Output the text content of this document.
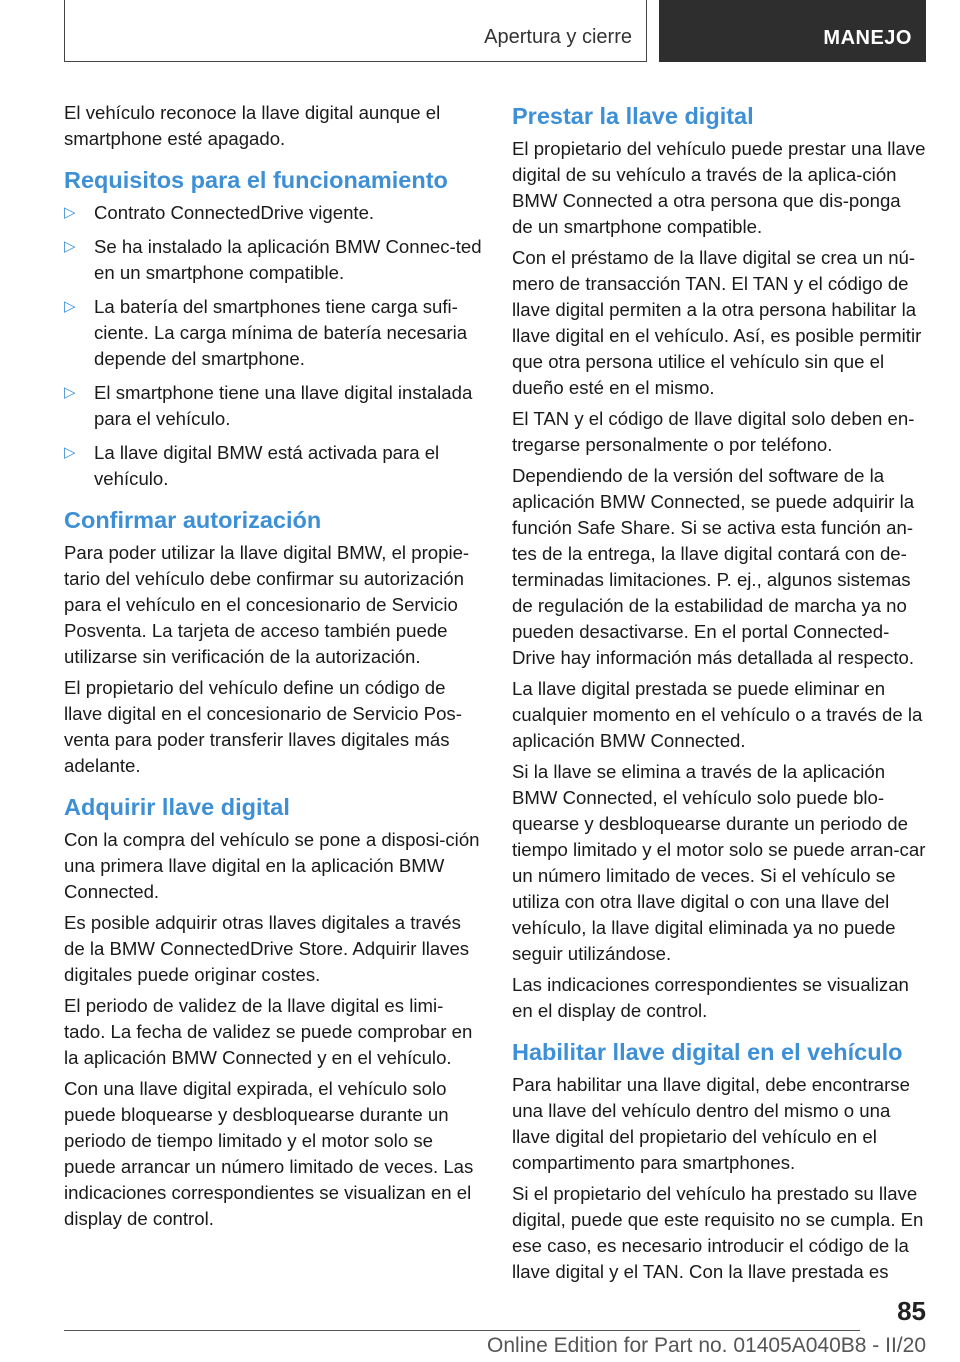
Apertura y cierre	MANEJO

El vehículo reconoce la llave digital aunque el smartphone esté apagado.

Requisitos para el funcionamiento
▷ Contrato ConnectedDrive vigente.
▷ Se ha instalado la aplicación BMW Connec-ted en un smartphone compatible.
▷ La batería del smartphones tiene carga sufi-ciente. La carga mínima de batería necesaria depende del smartphone.
▷ El smartphone tiene una llave digital instalada para el vehículo.
▷ La llave digital BMW está activada para el vehículo.
Confirmar autorización

Para poder utilizar la llave digital BMW, el propie-tario del vehículo debe confirmar su autorización para el vehículo en el concesionario de Servicio Posventa. La tarjeta de acceso también puede utilizarse sin verificación de la autorización.

El propietario del vehículo define un código de llave digital en el concesionario de Servicio Pos-venta para poder transferir llaves digitales más adelante.

Adquirir llave digital

Con la compra del vehículo se pone a disposi-ción una primera llave digital en la aplicación BMW Connected.

Es posible adquirir otras llaves digitales a través de la BMW ConnectedDrive Store. Adquirir llaves digitales puede originar costes.

El periodo de validez de la llave digital es limi-tado. La fecha de validez se puede comprobar en la aplicación BMW Connected y en el vehículo.

Con una llave digital expirada, el vehículo solo puede bloquearse y desbloquearse durante un periodo de tiempo limitado y el motor solo se puede arrancar un número limitado de veces. Las indicaciones correspondientes se visualizan en el display de control.

Prestar la llave digital

El propietario del vehículo puede prestar una llave digital de su vehículo a través de la aplica-ción BMW Connected a otra persona que dis-ponga de un smartphone compatible.

Con el préstamo de la llave digital se crea un nú-mero de transacción TAN. El TAN y el código de llave digital permiten a la otra persona habilitar la llave digital en el vehículo. Así, es posible permitir que otra persona utilice el vehículo sin que el dueño esté en el mismo.

El TAN y el código de llave digital solo deben en-tregarse personalmente o por teléfono.

Dependiendo de la versión del software de la aplicación BMW Connected, se puede adquirir la función Safe Share. Si se activa esta función an-tes de la entrega, la llave digital contará con de-terminadas limitaciones. P. ej., algunos sistemas de regulación de la estabilidad de marcha ya no pueden desactivarse. En el portal Connected-Drive hay información más detallada al respecto.

La llave digital prestada se puede eliminar en cualquier momento en el vehículo o a través de la aplicación BMW Connected.

Si la llave se elimina a través de la aplicación BMW Connected, el vehículo solo puede blo-quearse y desbloquearse durante un periodo de tiempo limitado y el motor solo se puede arran-car un número limitado de veces. Si el vehículo se utiliza con otra llave digital o con una llave del vehículo, la llave digital eliminada ya no puede seguir utilizándose.

Las indicaciones correspondientes se visualizan en el display de control.

Habilitar llave digital en el vehículo

Para habilitar una llave digital, debe encontrarse una llave del vehículo dentro del mismo o una llave digital del propietario del vehículo en el compartimento para smartphones.

Si el propietario del vehículo ha prestado su llave digital, puede que este requisito no se cumpla. En ese caso, es necesario introducir el código de la llave digital y el TAN. Con la llave prestada es

85
Online Edition for Part no. 01405A040B8 - II/20
